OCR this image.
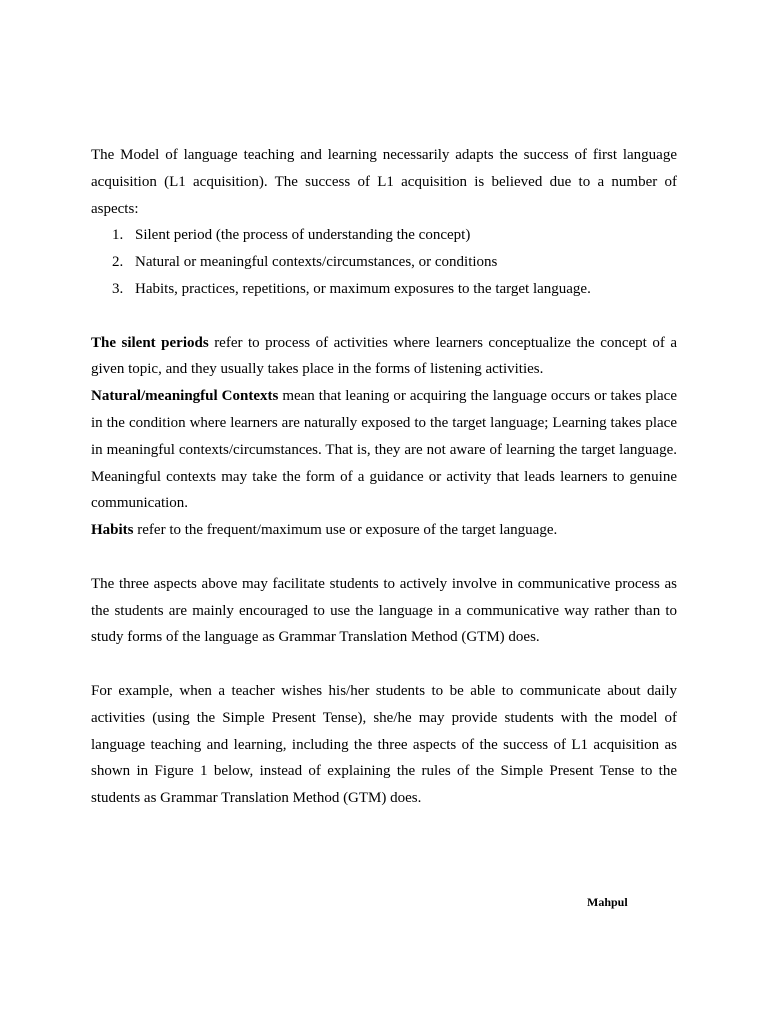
The Model of language teaching and learning necessarily adapts the success of first language acquisition (L1 acquisition). The success of L1 acquisition is believed due to a number of aspects:

1. Silent period (the process of understanding the concept)
2. Natural or meaningful contexts/circumstances, or conditions
3. Habits, practices, repetitions, or maximum exposures to the target language.

The silent periods refer to process of activities where learners conceptualize the concept of a given topic, and they usually takes place in the forms of listening activities.

Natural/meaningful Contexts mean that leaning or acquiring the language occurs or takes place in the condition where learners are naturally exposed to the target language; Learning takes place in meaningful contexts/circumstances. That is, they are not aware of learning the target language. Meaningful contexts may take the form of a guidance or activity that leads learners to genuine communication.

Habits refer to the frequent/maximum use or exposure of the target language.

The three aspects above may facilitate students to actively involve in communicative process as the students are mainly encouraged to use the language in a communicative way rather than to study forms of the language as Grammar Translation Method (GTM) does.

For example, when a teacher wishes his/her students to be able to communicate about daily activities (using the Simple Present Tense), she/he may provide students with the model of language teaching and learning, including the three aspects of the success of L1 acquisition as shown in Figure 1 below, instead of explaining the rules of the Simple Present Tense to the students as Grammar Translation Method (GTM) does.

Mahpul
